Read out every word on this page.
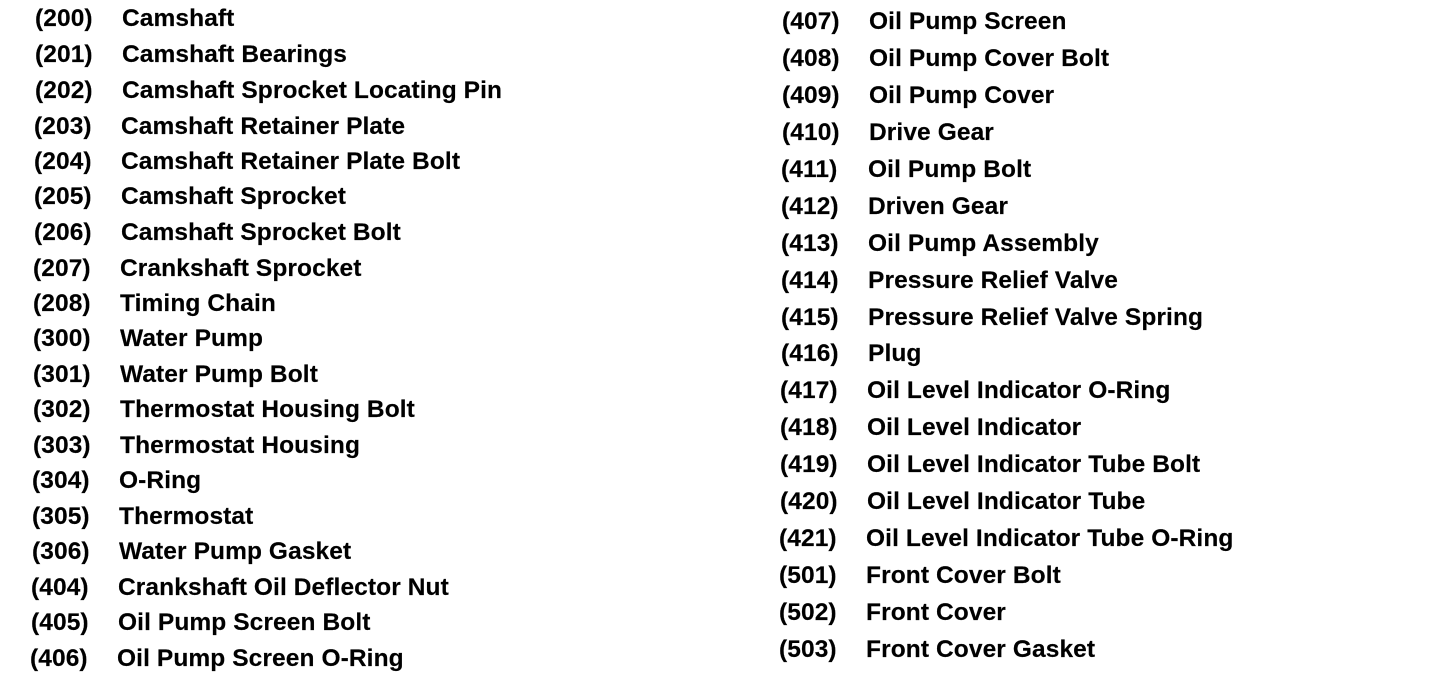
(200) Camshaft
(201) Camshaft Bearings
(202) Camshaft Sprocket Locating Pin
(203) Camshaft Retainer Plate
(204) Camshaft Retainer Plate Bolt
(205) Camshaft Sprocket
(206) Camshaft Sprocket Bolt
(207) Crankshaft Sprocket
(208) Timing Chain
(300) Water Pump
(301) Water Pump Bolt
(302) Thermostat Housing Bolt
(303) Thermostat Housing
(304) O-Ring
(305) Thermostat
(306) Water Pump Gasket
(404) Crankshaft Oil Deflector Nut
(405) Oil Pump Screen Bolt
(406) Oil Pump Screen O-Ring
(407) Oil Pump Screen
(408) Oil Pump Cover Bolt
(409) Oil Pump Cover
(410) Drive Gear
(411) Oil Pump Bolt
(412) Driven Gear
(413) Oil Pump Assembly
(414) Pressure Relief Valve
(415) Pressure Relief Valve Spring
(416) Plug
(417) Oil Level Indicator O-Ring
(418) Oil Level Indicator
(419) Oil Level Indicator Tube Bolt
(420) Oil Level Indicator Tube
(421) Oil Level Indicator Tube O-Ring
(501) Front Cover Bolt
(502) Front Cover
(503) Front Cover Gasket
